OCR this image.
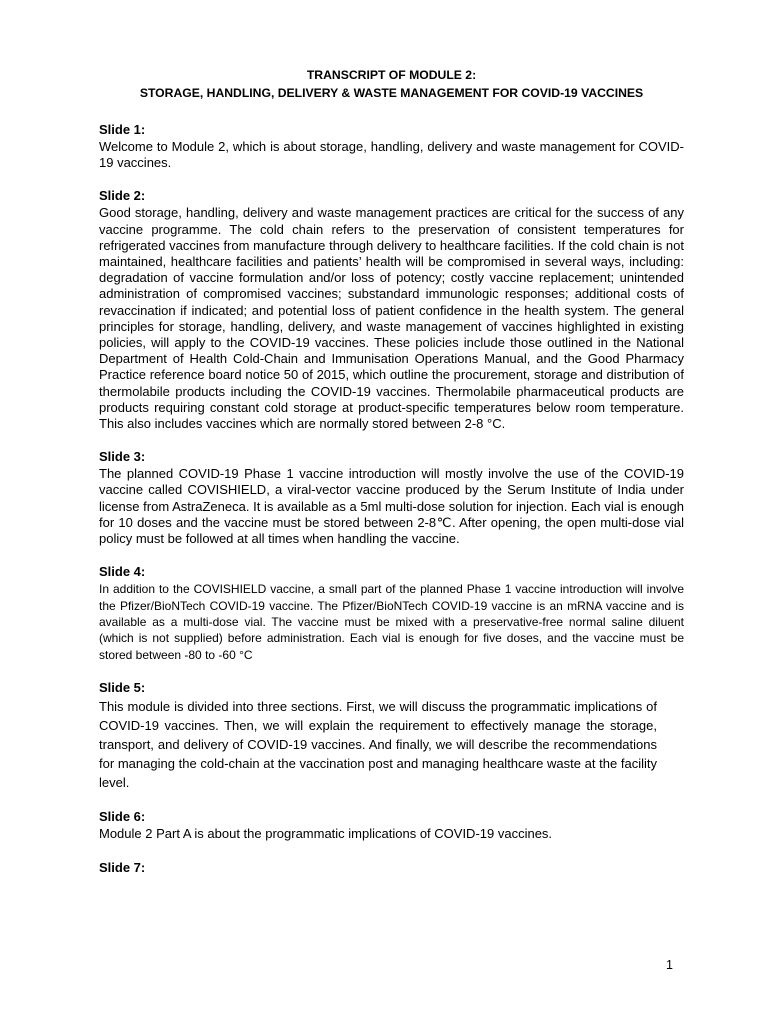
TRANSCRIPT OF MODULE 2:

STORAGE, HANDLING, DELIVERY & WASTE MANAGEMENT FOR COVID-19 VACCINES

Slide 1:

Welcome to Module 2, which is about storage, handling, delivery and waste management for COVID-19 vaccines.

Slide 2:

Good storage, handling, delivery and waste management practices are critical for the success of any vaccine programme. The cold chain refers to the preservation of consistent temperatures for refrigerated vaccines from manufacture through delivery to healthcare facilities. If the cold chain is not maintained, healthcare facilities and patients’ health will be compromised in several ways, including: degradation of vaccine formulation and/or loss of potency; costly vaccine replacement; unintended administration of compromised vaccines; substandard immunologic responses; additional costs of revaccination if indicated; and potential loss of patient confidence in the health system. The general principles for storage, handling, delivery, and waste management of vaccines highlighted in existing policies, will apply to the COVID-19 vaccines. These policies include those outlined in the National Department of Health Cold-Chain and Immunisation Operations Manual, and the Good Pharmacy Practice reference board notice 50 of 2015, which outline the procurement, storage and distribution of thermolabile products including the COVID-19 vaccines. Thermolabile pharmaceutical products are products requiring constant cold storage at product-specific temperatures below room temperature. This also includes vaccines which are normally stored between 2-8 °C.

Slide 3:

The planned COVID-19 Phase 1 vaccine introduction will mostly involve the use of the COVID-19 vaccine called COVISHIELD, a viral-vector vaccine produced by the Serum Institute of India under license from AstraZeneca. It is available as a 5ml multi-dose solution for injection. Each vial is enough for 10 doses and the vaccine must be stored between 2-8℃. After opening, the open multi-dose vial policy must be followed at all times when handling the vaccine.

Slide 4:

In addition to the COVISHIELD vaccine, a small part of the planned Phase 1 vaccine introduction will involve the Pfizer/BioNTech COVID-19 vaccine. The Pfizer/BioNTech COVID-19 vaccine is an mRNA vaccine and is available as a multi-dose vial. The vaccine must be mixed with a preservative-free normal saline diluent (which is not supplied) before administration. Each vial is enough for five doses, and the vaccine must be stored between -80 to -60 °C

Slide 5:

This module is divided into three sections. First, we will discuss the programmatic implications of COVID-19 vaccines. Then, we will explain the requirement to effectively manage the storage, transport, and delivery of COVID-19 vaccines. And finally, we will describe the recommendations for managing the cold-chain at the vaccination post and managing healthcare waste at the facility level.

Slide 6:

Module 2 Part A is about the programmatic implications of COVID-19 vaccines.

Slide 7:

1
